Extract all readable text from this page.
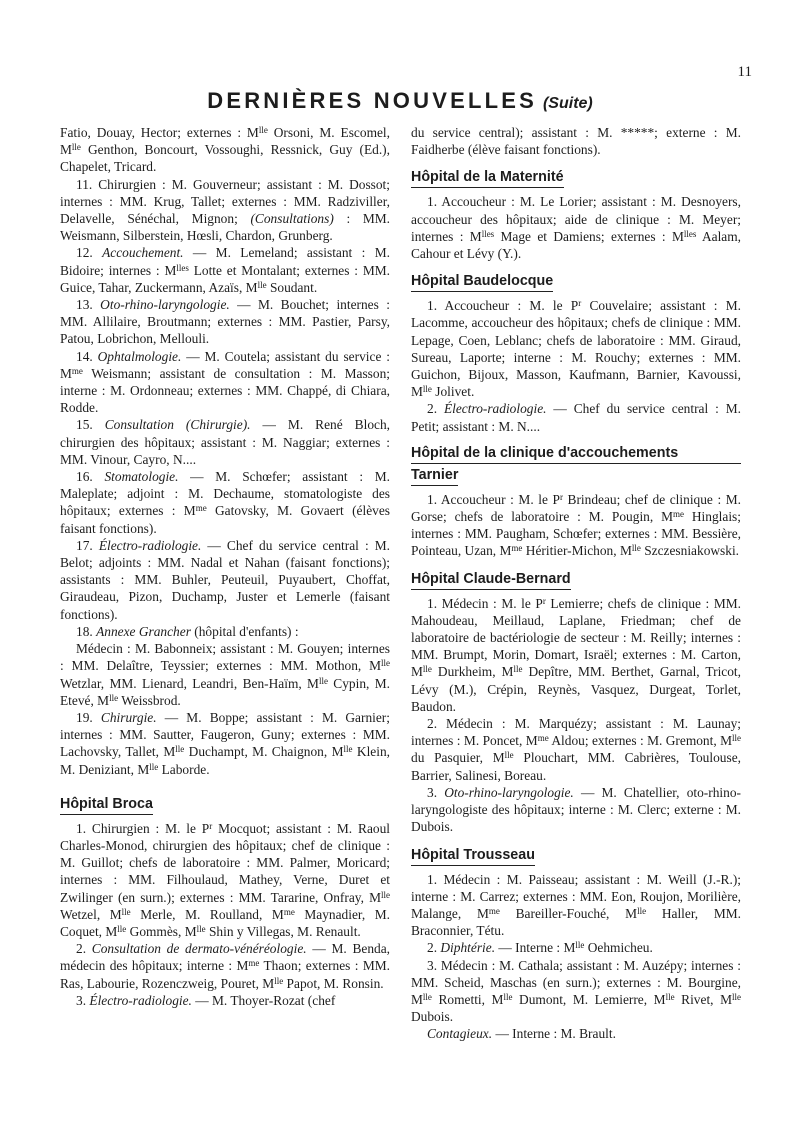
11
DERNIÈRES NOUVELLES (Suite)

Fatio, Douay, Hector; externes : $M^{lle}$ Orsoni, M. Escomel, $M^{lle}$ Genthon, Boncourt, Vossoughi, Ressnick, Guy (Ed.), Chapelet, Tricard.

11. Chirurgien : M. Gouverneur; assistant : M. Dossot; internes : MM. Krug, Tallet; externes : MM. Radziviller, Delavelle, Sénéchal, Mignon; (Consultations) : MM. Weismann, Silberstein, Hœsli, Chardon, Grunberg.

12. Accouchement. — M. Lemeland; assistant : M. Bidoire; internes : $M^{lles}$ Lotte et Montalant; externes : MM. Guice, Tahar, Zuckermann, Azaïs, $M^{lle}$ Soudant.

13. Oto-rhino-laryngologie. — M. Bouchet; internes : MM. Allilaire, Broutmann; externes : MM. Pastier, Parsy, Patou, Lobrichon, Mellouli.

14. Ophtalmologie. — M. Coutela; assistant du service : $M^{me}$ Weismann; assistant de consultation : M. Masson; interne : M. Ordonneau; externes : MM. Chappé, di Chiara, Rodde.

15. Consultation (Chirurgie). — M. René Bloch, chirurgien des hôpitaux; assistant : M. Naggiar; externes : MM. Vinour, Cayro, N....

16. Stomatologie. — M. Schœfer; assistant : M. Maleplate; adjoint : M. Dechaume, stomatologiste des hôpitaux; externes : $M^{me}$ Gatovsky, M. Govaert (élèves faisant fonctions).

17. Électro-radiologie. — Chef du service central : M. Belot; adjoints : MM. Nadal et Nahan (faisant fonctions); assistants : MM. Buhler, Peuteuil, Puyaubert, Choffat, Giraudeau, Pizon, Duchamp, Juster et Lemerle (faisant fonctions).

18. Annexe Grancher (hôpital d'enfants) :

Médecin : M. Babonneix; assistant : M. Gouyen; internes : MM. Delaître, Teyssier; externes : MM. Mothon, $M^{lle}$ Wetzlar, MM. Lienard, Leandri, Ben-Haïm, $M^{lle}$ Cypin, M. Etevé, $M^{lle}$ Weissbrod.

19. Chirurgie. — M. Boppe; assistant : M. Garnier; internes : MM. Sautter, Faugeron, Guny; externes : MM. Lachovsky, Tallet, $M^{lle}$ Duchampt, M. Chaignon, $M^{lle}$ Klein, M. Deniziant, $M^{lle}$ Laborde.

Hôpital Broca

1. Chirurgien : M. le $P^r$ Mocquot; assistant : M. Raoul Charles-Monod, chirurgien des hôpitaux; chef de clinique : M. Guillot; chefs de laboratoire : MM. Palmer, Moricard; internes : MM. Filhoulaud, Mathey, Verne, Duret et Zwilinger (en surn.); externes : MM. Tararine, Onfray, $M^{lle}$ Wetzel, $M^{lle}$ Merle, M. Roulland, $M^{me}$ Maynadier, M. Coquet, $M^{lle}$ Gommès, $M^{lle}$ Shin y Villegas, M. Renault.

2. Consultation de dermato-vénéréologie. — M. Benda, médecin des hôpitaux; interne : $M^{me}$ Thaon; externes : MM. Ras, Labourie, Rozenczweig, Pouret, $M^{lle}$ Papot, M. Ronsin.

3. Électro-radiologie. — M. Thoyer-Rozat (chef

du service central); assistant : M. *****; externe : M. Faidherbe (élève faisant fonctions).

Hôpital de la Maternité

1. Accoucheur : M. Le Lorier; assistant : M. Desnoyers, accoucheur des hôpitaux; aide de clinique : M. Meyer; internes : $M^{lles}$ Mage et Damiens; externes : $M^{lles}$ Aalam, Cahour et Lévy (Y.).

Hôpital Baudelocque

1. Accoucheur : M. le $P^r$ Couvelaire; assistant : M. Lacomme, accoucheur des hôpitaux; chefs de clinique : MM. Lepage, Coen, Leblanc; chefs de laboratoire : MM. Giraud, Sureau, Laporte; interne : M. Rouchy; externes : MM. Guichon, Bijoux, Masson, Kaufmann, Barnier, Kavoussi, $M^{lle}$ Jolivet.

2. Électro-radiologie. — Chef du service central : M. Petit; assistant : M. N....

Hôpital de la clinique d'accouchements
Tarnier

1. Accoucheur : M. le $P^r$ Brindeau; chef de clinique : M. Gorse; chefs de laboratoire : M. Pougin, $M^{me}$ Hinglais; internes : MM. Paugham, Schœfer; externes : MM. Bessière, Pointeau, Uzan, $M^{me}$ Héritier-Michon, $M^{lle}$ Szczesniakowski.

Hôpital Claude-Bernard

1. Médecin : M. le $P^r$ Lemierre; chefs de clinique : MM. Mahoudeau, Meillaud, Laplane, Friedman; chef de laboratoire de bactériologie de secteur : M. Reilly; internes : MM. Brumpt, Morin, Domart, Israël; externes : M. Carton, $M^{lle}$ Durkheim, $M^{lle}$ Depître, MM. Berthet, Garnal, Tricot, Lévy (M.), Crépin, Reynès, Vasquez, Durgeat, Torlet, Baudon.

2. Médecin : M. Marquézy; assistant : M. Launay; internes : M. Poncet, $M^{me}$ Aldou; externes : M. Gremont, $M^{lle}$ du Pasquier, $M^{lle}$ Plouchart, MM. Cabrières, Toulouse, Barrier, Salinesi, Boreau.

3. Oto-rhino-laryngologie. — M. Chatellier, oto-rhino-laryngologiste des hôpitaux; interne : M. Clerc; externe : M. Dubois.

Hôpital Trousseau

1. Médecin : M. Paisseau; assistant : M. Weill (J.-R.); interne : M. Carrez; externes : MM. Eon, Roujon, Morilière, Malange, $M^{me}$ Bareiller-Fouché, $M^{lle}$ Haller, MM. Braconnier, Tétu.

2. Diphtérie. — Interne : $M^{lle}$ Oehmicheu.

3. Médecin : M. Cathala; assistant : M. Auzépy; internes : MM. Scheid, Maschas (en surn.); externes : M. Bourgine, $M^{lle}$ Rometti, $M^{lle}$ Dumont, M. Lemierre, $M^{lle}$ Rivet, $M^{lle}$ Dubois.

Contagieux. — Interne : M. Brault.
